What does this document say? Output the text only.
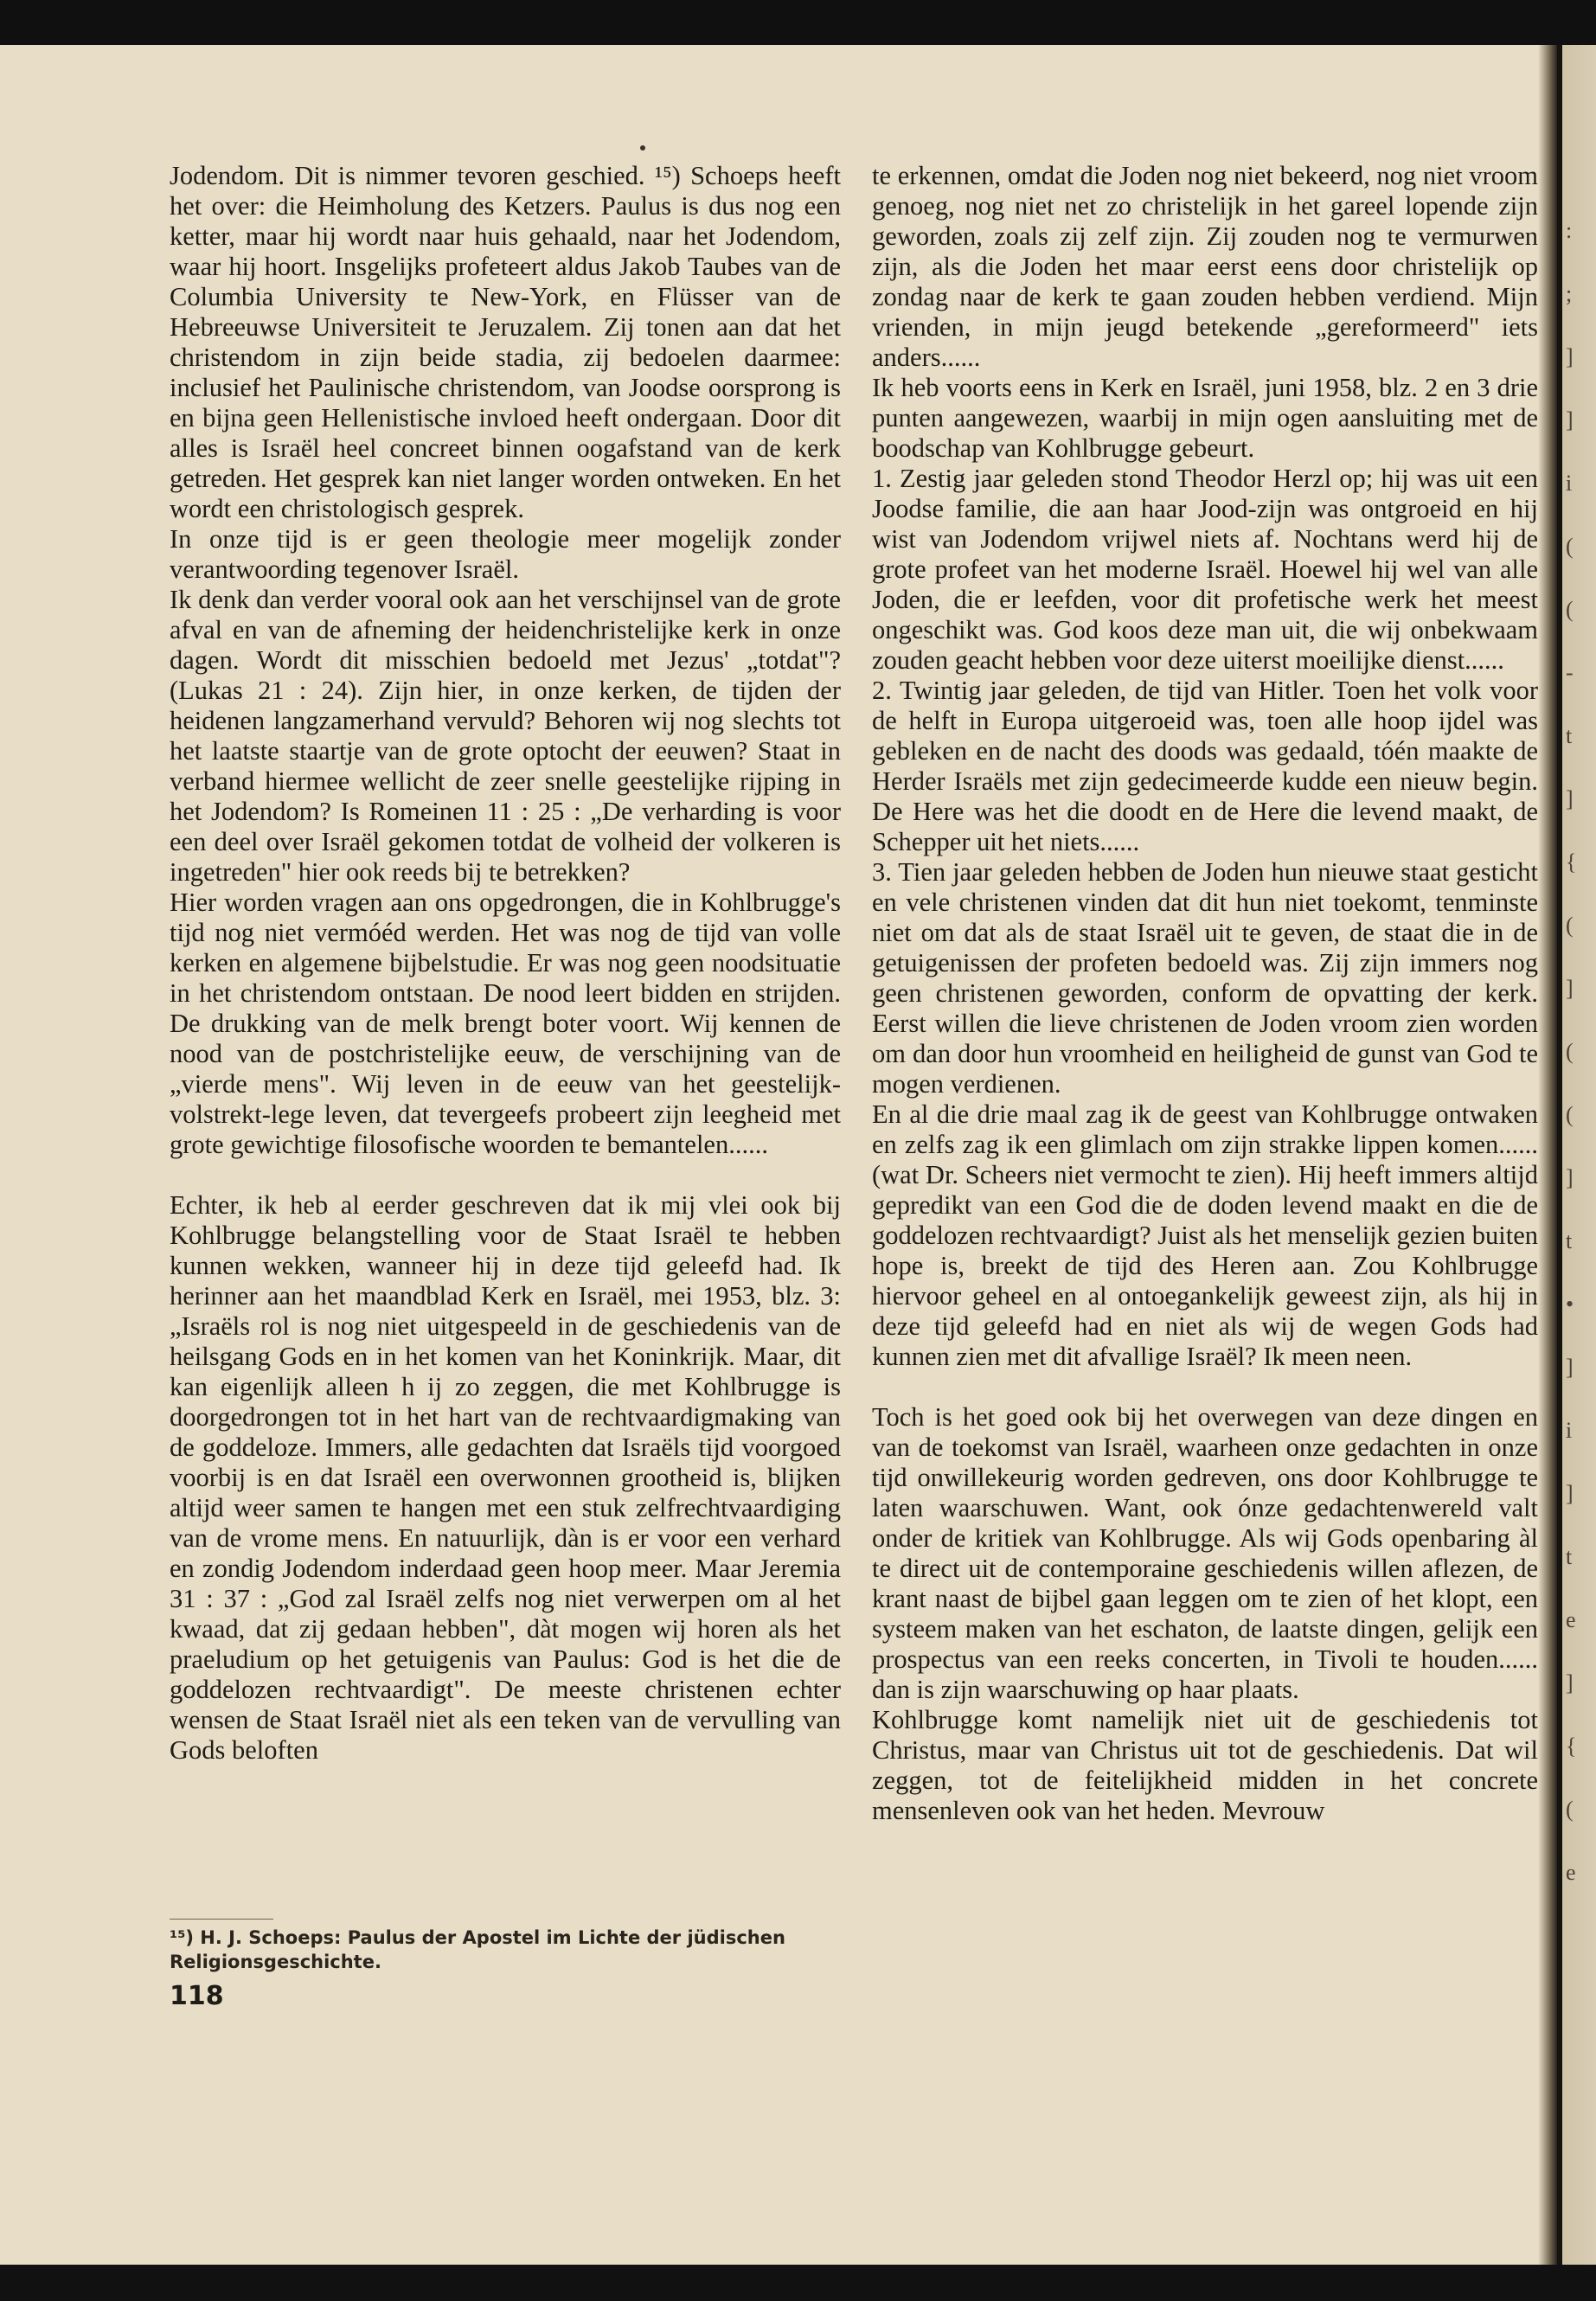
:
;
]
]
i
(
(
-
t
]
{
(
]
(
(
]
t
•
]
i
]
t
e
]
{
(
e

Jodendom. Dit is nimmer tevoren geschied. ¹⁵) Schoeps heeft het over: die Heimholung des Ketzers. Paulus is dus nog een ketter, maar hij wordt naar huis gehaald, naar het Jodendom, waar hij hoort. Insgelijks profeteert aldus Jakob Taubes van de Columbia University te New-York, en Flüsser van de Hebreeuwse Universiteit te Jeruzalem. Zij tonen aan dat het christendom in zijn beide stadia, zij bedoelen daarmee: inclusief het Paulinische christendom, van Joodse oorsprong is en bijna geen Hellenistische invloed heeft ondergaan. Door dit alles is Israël heel concreet binnen oogafstand van de kerk getreden. Het gesprek kan niet langer worden ontweken. En het wordt een christologisch gesprek.

In onze tijd is er geen theologie meer mogelijk zonder verantwoording tegenover Israël.

Ik denk dan verder vooral ook aan het verschijnsel van de grote afval en van de afneming der heidenchristelijke kerk in onze dagen. Wordt dit misschien bedoeld met Jezus' „totdat"? (Lukas 21 : 24). Zijn hier, in onze kerken, de tijden der heidenen langzamerhand vervuld? Behoren wij nog slechts tot het laatste staartje van de grote optocht der eeuwen? Staat in verband hiermee wellicht de zeer snelle geestelijke rijping in het Jodendom? Is Romeinen 11 : 25 : „De verharding is voor een deel over Israël gekomen totdat de volheid der volkeren is ingetreden" hier ook reeds bij te betrekken?

Hier worden vragen aan ons opgedrongen, die in Kohlbrugge's tijd nog niet vermóéd werden. Het was nog de tijd van volle kerken en algemene bijbelstudie. Er was nog geen noodsituatie in het christendom ontstaan. De nood leert bidden en strijden. De drukking van de melk brengt boter voort. Wij kennen de nood van de postchristelijke eeuw, de verschijning van de „vierde mens". Wij leven in de eeuw van het geestelijk-volstrekt-lege leven, dat tevergeefs probeert zijn leegheid met grote gewichtige filosofische woorden te bemantelen......

Echter, ik heb al eerder geschreven dat ik mij vlei ook bij Kohlbrugge belangstelling voor de Staat Israël te hebben kunnen wekken, wanneer hij in deze tijd geleefd had. Ik herinner aan het maandblad Kerk en Israël, mei 1953, blz. 3: „Israëls rol is nog niet uitgespeeld in de geschiedenis van de heilsgang Gods en in het komen van het Koninkrijk. Maar, dit kan eigenlijk alleen h ij zo zeggen, die met Kohlbrugge is doorgedrongen tot in het hart van de rechtvaardigmaking van de goddeloze. Immers, alle gedachten dat Israëls tijd voorgoed voorbij is en dat Israël een overwonnen grootheid is, blijken altijd weer samen te hangen met een stuk zelfrechtvaardiging van de vrome mens. En natuurlijk, dàn is er voor een verhard en zondig Jodendom inderdaad geen hoop meer. Maar Jeremia 31 : 37 : „God zal Israël zelfs nog niet verwerpen om al het kwaad, dat zij gedaan hebben", dàt mogen wij horen als het praeludium op het getuigenis van Paulus: God is het die de goddelozen rechtvaardigt". De meeste christenen echter wensen de Staat Israël niet als een teken van de vervulling van Gods beloften

te erkennen, omdat die Joden nog niet bekeerd, nog niet vroom genoeg, nog niet net zo christelijk in het gareel lopende zijn geworden, zoals zij zelf zijn. Zij zouden nog te vermurwen zijn, als die Joden het maar eerst eens door christelijk op zondag naar de kerk te gaan zouden hebben verdiend. Mijn vrienden, in mijn jeugd betekende „gereformeerd" iets anders......

Ik heb voorts eens in Kerk en Israël, juni 1958, blz. 2 en 3 drie punten aangewezen, waarbij in mijn ogen aansluiting met de boodschap van Kohlbrugge gebeurt.

1. Zestig jaar geleden stond Theodor Herzl op; hij was uit een Joodse familie, die aan haar Jood-zijn was ontgroeid en hij wist van Jodendom vrijwel niets af. Nochtans werd hij de grote profeet van het moderne Israël. Hoewel hij wel van alle Joden, die er leefden, voor dit profetische werk het meest ongeschikt was. God koos deze man uit, die wij onbekwaam zouden geacht hebben voor deze uiterst moeilijke dienst......

2. Twintig jaar geleden, de tijd van Hitler. Toen het volk voor de helft in Europa uitgeroeid was, toen alle hoop ijdel was gebleken en de nacht des doods was gedaald, tóén maakte de Herder Israëls met zijn gedecimeerde kudde een nieuw begin. De Here was het die doodt en de Here die levend maakt, de Schepper uit het niets......

3. Tien jaar geleden hebben de Joden hun nieuwe staat gesticht en vele christenen vinden dat dit hun niet toekomt, tenminste niet om dat als de staat Israël uit te geven, de staat die in de getuigenissen der profeten bedoeld was. Zij zijn immers nog geen christenen geworden, conform de opvatting der kerk. Eerst willen die lieve christenen de Joden vroom zien worden om dan door hun vroomheid en heiligheid de gunst van God te mogen verdienen.

En al die drie maal zag ik de geest van Kohlbrugge ontwaken en zelfs zag ik een glimlach om zijn strakke lippen komen...... (wat Dr. Scheers niet vermocht te zien). Hij heeft immers altijd gepredikt van een God die de doden levend maakt en die de goddelozen rechtvaardigt? Juist als het menselijk gezien buiten hope is, breekt de tijd des Heren aan. Zou Kohlbrugge hiervoor geheel en al ontoegankelijk geweest zijn, als hij in deze tijd geleefd had en niet als wij de wegen Gods had kunnen zien met dit afvallige Israël? Ik meen neen.

Toch is het goed ook bij het overwegen van deze dingen en van de toekomst van Israël, waarheen onze gedachten in onze tijd onwillekeurig worden gedreven, ons door Kohlbrugge te laten waarschuwen. Want, ook ónze gedachtenwereld valt onder de kritiek van Kohlbrugge. Als wij Gods openbaring àl te direct uit de contemporaine geschiedenis willen aflezen, de krant naast de bijbel gaan leggen om te zien of het klopt, een systeem maken van het eschaton, de laatste dingen, gelijk een prospectus van een reeks concerten, in Tivoli te houden...... dan is zijn waarschuwing op haar plaats.

Kohlbrugge komt namelijk niet uit de geschiedenis tot Christus, maar van Christus uit tot de geschiedenis. Dat wil zeggen, tot de feitelijkheid midden in het concrete mensenleven ook van het heden. Mevrouw

¹⁵) H. J. Schoeps: Paulus der Apostel im Lichte der jüdischen Religionsgeschichte.
118
